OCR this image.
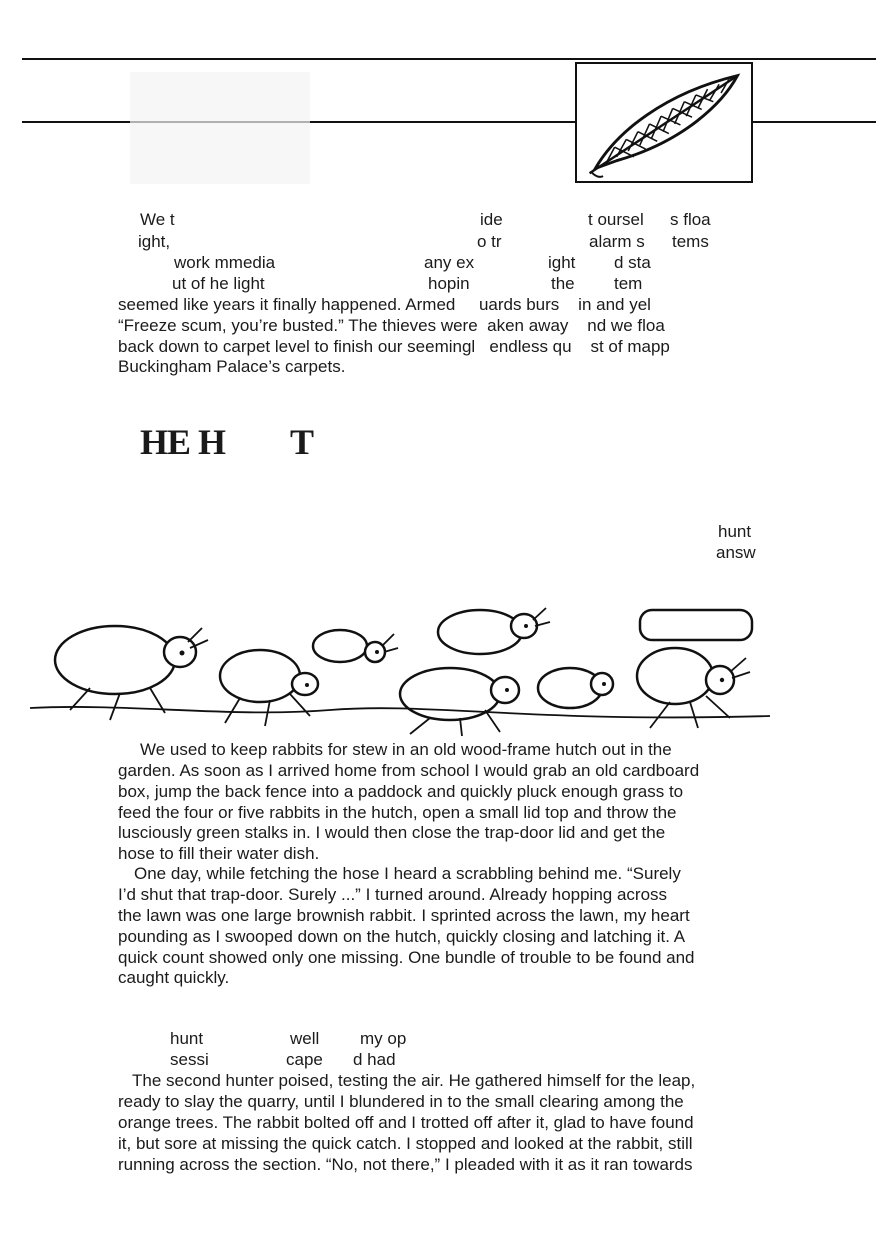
We t	ide	t oursel s floa
ight,	o tr	alarm s tems
work mmedia	any ex	ight d sta
ut of he light	hopin	the tem
seemed like years it finally happened. Armed     uards burs    in and yel
“Freeze scum, you’re busted.” The thieves were  aken away    nd we floa
back down to carpet level to finish our seemingl   endless qu    st of mapp
Buckingham Palace’s carpets.
HE H T
hunt
answ
We used to keep rabbits for stew in an old wood-frame hutch out in the
garden. As soon as I arrived home from school I would grab an old cardboard
box, jump the back fence into a paddock and quickly pluck enough grass to
feed the four or five rabbits in the hutch, open a small lid top and throw the
lusciously green stalks in. I would then close the trap-door lid and get the
hose to fill their water dish.
One day, while fetching the hose I heard a scrabbling behind me. “Surely
I’d shut that trap-door. Surely ...” I turned around. Already hopping across
the lawn was one large brownish rabbit. I sprinted across the lawn, my heart
pounding as I swooped down on the hutch, quickly closing and latching it. A
quick count showed only one missing. One bundle of trouble to be found and
caught quickly.
hunt	well my op
sessi	cape d had
The second hunter poised, testing the air. He gathered himself for the leap,
ready to slay the quarry, until I blundered in to the small clearing among the
orange trees. The rabbit bolted off and I trotted off after it, glad to have found
it, but sore at missing the quick catch. I stopped and looked at the rabbit, still
running across the section. “No, not there,” I pleaded with it as it ran towards
